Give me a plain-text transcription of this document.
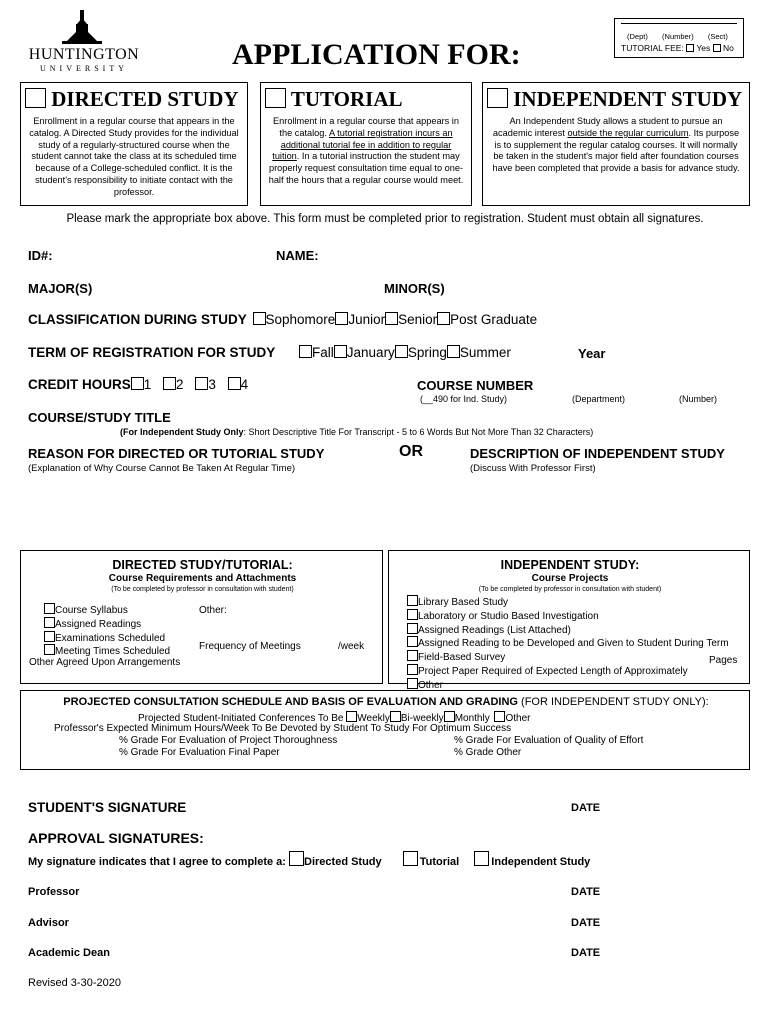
HUNTINGTON
UNIVERSITY	APPLICATION FOR:
(Dept) (Number) (Sect)
TUTORIAL FEE: Yes No
DIRECTED STUDY
Enrollment in a regular course that appears in the catalog. A Directed Study provides for the individual study of a regularly-structured course when the student cannot take the class at its scheduled time because of a College-scheduled conflict. It is the student's responsibility to initiate contact with the professor.
TUTORIAL
Enrollment in a regular course that appears in the catalog. A tutorial registration incurs an additional tutorial fee in addition to regular tuition. In a tutorial instruction the student may properly request consultation time equal to one-half the hours that a regular course would meet.
INDEPENDENT STUDY
An Independent Study allows a student to pursue an academic interest outside the regular curriculum. Its purpose is to supplement the regular catalog courses. It will normally be taken in the student's major field after foundation courses have been completed that provide a basis for advance study.
Please mark the appropriate box above. This form must be completed prior to registration. Student must obtain all signatures.
ID#:	NAME:
MAJOR(S)	MINOR(S)
CLASSIFICATION DURING STUDY Sophomore Junior Senior Post Graduate
TERM OF REGISTRATION FOR STUDY	Fall January Spring Summer	Year
CREDIT HOURS 1 2 3 4	COURSE NUMBER
(__490 for Ind. Study)	(Department)	(Number)
COURSE/STUDY TITLE
(For Independent Study Only: Short Descriptive Title For Transcript - 5 to 6 Words But Not More Than 32 Characters)
REASON FOR DIRECTED OR TUTORIAL STUDY
(Explanation of Why Course Cannot Be Taken At Regular Time)
OR	DESCRIPTION OF INDEPENDENT STUDY
(Discuss With Professor First)
DIRECTED STUDY/TUTORIAL:
Course Requirements and Attachments
(To be completed by professor in consultation with student)
Course Syllabus
Assigned Readings
Examinations Scheduled
Meeting Times Scheduled
Other:
Frequency of Meetings	/week
Other Agreed Upon Arrangements
INDEPENDENT STUDY:
Course Projects
(To be completed by professor in consultation with student)
Library Based Study
Laboratory or Studio Based Investigation
Assigned Readings (List Attached)
Assigned Reading to be Developed and Given to Student During Term
Field-Based Survey
Project Paper Required of Expected Length of Approximately
Other
Pages
PROJECTED CONSULTATION SCHEDULE AND BASIS OF EVALUATION AND GRADING (FOR INDEPENDENT STUDY ONLY):
Projected Student-Initiated Conferences To Be Weekly Bi-weekly Monthly Other
Professor's Expected Minimum Hours/Week To Be Devoted by Student To Study For Optimum Success
% Grade For Evaluation of Project Thoroughness	% Grade For Evaluation of Quality of Effort
% Grade For Evaluation Final Paper	% Grade Other
STUDENT'S SIGNATURE	DATE
APPROVAL SIGNATURES:
My signature indicates that I agree to complete a: Directed Study	Tutorial	Independent Study
Professor	DATE
Advisor	DATE
Academic Dean	DATE
Revised 3-30-2020
